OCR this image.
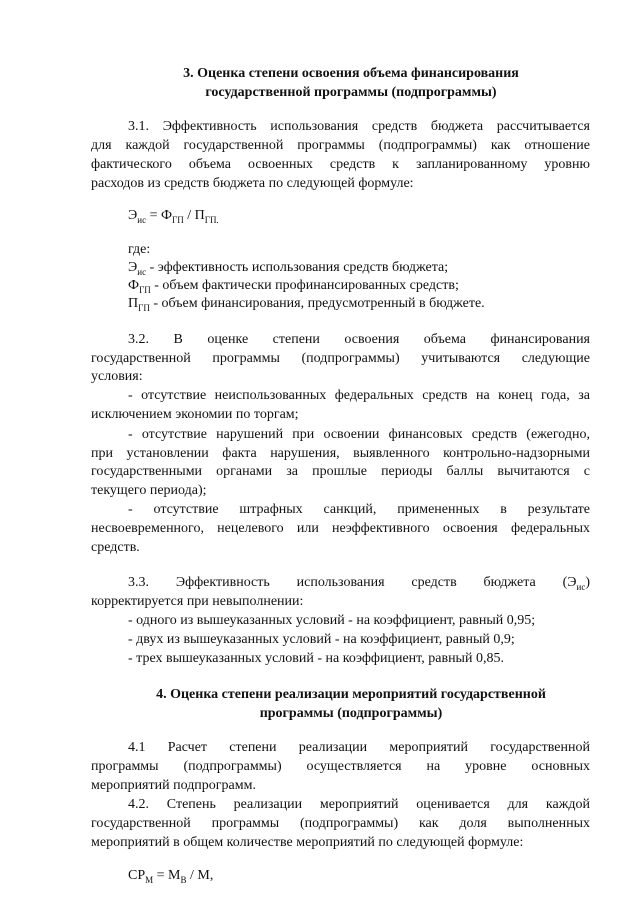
3. Оценка степени освоения объема финансирования
государственной программы (подпрограммы)
3.1. Эффективность использования средств бюджета рассчитывается
для каждой государственной программы (подпрограммы) как отношение
фактического объема освоенных средств к запланированному уровню
расходов из средств бюджета по следующей формуле:
$Э_{ис} = Ф_{ГП} / П_{ГП.}$
где:
$Э_{ис}$ - эффективность использования средств бюджета;
$Ф_{ГП}$ - объем фактически профинансированных средств;
$П_{ГП}$ - объем финансирования, предусмотренный в бюджете.
3.2. В оценке степени освоения объема финансирования
государственной программы (подпрограммы) учитываются следующие
условия:
- отсутствие неиспользованных федеральных средств на конец года, за
исключением экономии по торгам;
- отсутствие нарушений при освоении финансовых средств (ежегодно,
при установлении факта нарушения, выявленного контрольно-надзорными
государственными органами за прошлые периоды баллы вычитаются с
текущего периода);
- отсутствие штрафных санкций, примененных в результате
несвоевременного, нецелевого или неэффективного освоения федеральных
средств.
3.3. Эффективность использования средств бюджета $(Э_{ис})$
корректируется при невыполнении:
- одного из вышеуказанных условий - на коэффициент, равный 0,95;
- двух из вышеуказанных условий - на коэффициент, равный 0,9;
- трех вышеуказанных условий - на коэффициент, равный 0,85.
4. Оценка степени реализации мероприятий государственной
программы (подпрограммы)
4.1 Расчет степени реализации мероприятий государственной
программы (подпрограммы) осуществляется на уровне основных
мероприятий подпрограмм.
4.2. Степень реализации мероприятий оценивается для каждой
государственной программы (подпрограммы) как доля выполненных
мероприятий в общем количестве мероприятий по следующей формуле:
$СР_М = М_В / М$,
